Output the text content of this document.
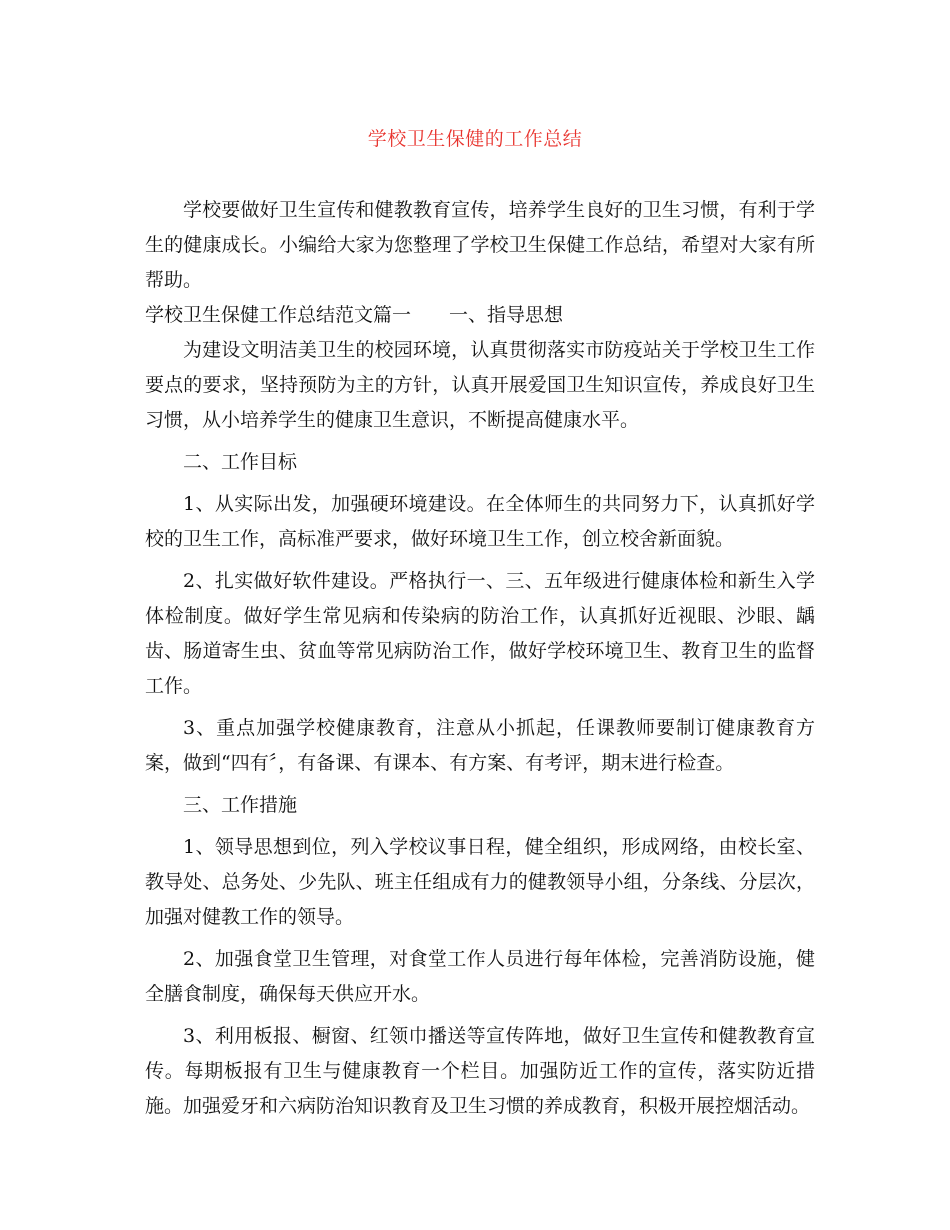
学校卫生保健的工作总结

学校要做好卫生宣传和健教教育宣传，培养学生良好的卫生习惯，有利于学生的健康成长。小编给大家为您整理了学校卫生保健工作总结，希望对大家有所帮助。

学校卫生保健工作总结范文篇一 一、指导思想

为建设文明洁美卫生的校园环境，认真贯彻落实市防疫站关于学校卫生工作要点的要求，坚持预防为主的方针，认真开展爱国卫生知识宣传，养成良好卫生习惯，从小培养学生的健康卫生意识，不断提高健康水平。

二、工作目标

1、从实际出发，加强硬环境建设。在全体师生的共同努力下，认真抓好学校的卫生工作，高标准严要求，做好环境卫生工作，创立校舍新面貌。

2、扎实做好软件建设。严格执行一、三、五年级进行健康体检和新生入学体检制度。做好学生常见病和传染病的防治工作，认真抓好近视眼、沙眼、龋齿、肠道寄生虫、贫血等常见病防治工作，做好学校环境卫生、教育卫生的监督工作。

3、重点加强学校健康教育，注意从小抓起，任课教师要制订健康教育方案，做到“四有〞，有备课、有课本、有方案、有考评，期末进行检查。

三、工作措施

1、领导思想到位，列入学校议事日程，健全组织，形成网络，由校长室、教导处、总务处、少先队、班主任组成有力的健教领导小组，分条线、分层次，加强对健教工作的领导。

2、加强食堂卫生管理，对食堂工作人员进行每年体检，完善消防设施，健全膳食制度，确保每天供应开水。

3、利用板报、橱窗、红领巾播送等宣传阵地，做好卫生宣传和健教教育宣传。每期板报有卫生与健康教育一个栏目。加强防近工作的宣传，落实防近措施。加强爱牙和六病防治知识教育及卫生习惯的养成教育，积极开展控烟活动。
